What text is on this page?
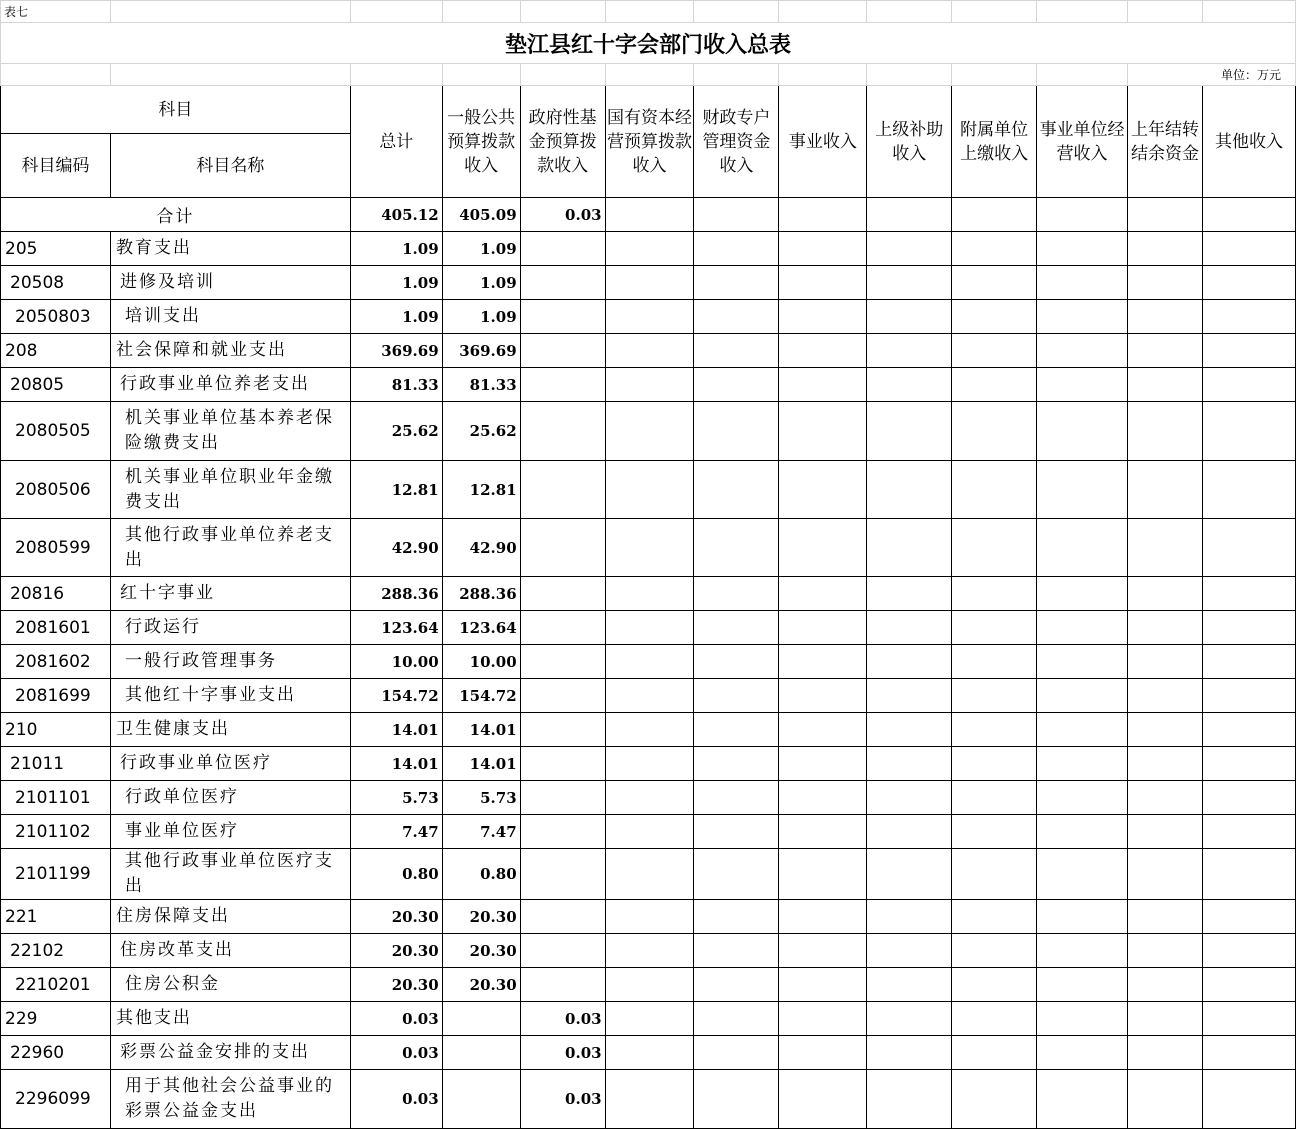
表七												
垫江县红十字会部门收入总表												
											单位：万元	
科目		总计	一般公共预算拨款收入	政府性基金预算拨款收入	国有资本经营预算拨款收入	财政专户管理资金收入	事业收入	上级补助收入	附属单位上缴收入	事业单位经营收入	上年结转结余资金	其他收入
科目编码	科目名称											
合计		405.12	405.09	0.03								
205	教育支出	1.09	1.09									
20508	进修及培训	1.09	1.09									
2050803	培训支出	1.09	1.09									
208	社会保障和就业支出	369.69	369.69									
20805	行政事业单位养老支出	81.33	81.33									
2080505	机关事业单位基本养老保险缴费支出	25.62	25.62									
2080506	机关事业单位职业年金缴费支出	12.81	12.81									
2080599	其他行政事业单位养老支出	42.90	42.90									
20816	红十字事业	288.36	288.36									
2081601	行政运行	123.64	123.64									
2081602	一般行政管理事务	10.00	10.00									
2081699	其他红十字事业支出	154.72	154.72									
210	卫生健康支出	14.01	14.01									
21011	行政事业单位医疗	14.01	14.01									
2101101	行政单位医疗	5.73	5.73									
2101102	事业单位医疗	7.47	7.47									
2101199	其他行政事业单位医疗支出	0.80	0.80									
221	住房保障支出	20.30	20.30									
22102	住房改革支出	20.30	20.30									
2210201	住房公积金	20.30	20.30									
229	其他支出	0.03		0.03								
22960	彩票公益金安排的支出	0.03		0.03								
2296099	用于其他社会公益事业的彩票公益金支出	0.03		0.03								
